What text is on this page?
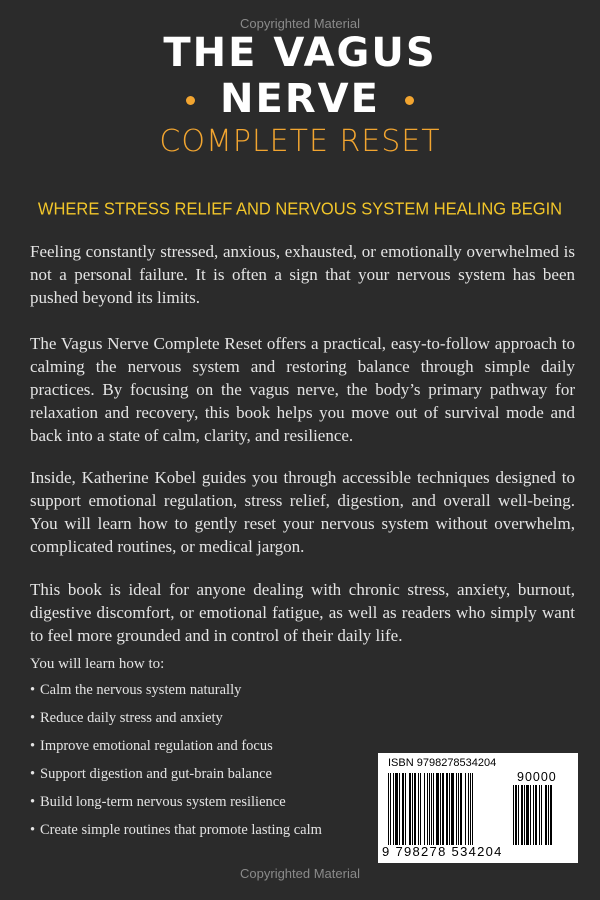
Copyrighted Material
THE VAGUS
NERVE
COMPLETE RESET
WHERE STRESS RELIEF AND NERVOUS SYSTEM HEALING BEGIN

Feeling constantly stressed, anxious, exhausted, or emotionally overwhelmed is not a personal failure. It is often a sign that your nervous system has been pushed beyond its limits.

The Vagus Nerve Complete Reset offers a practical, easy-to-follow approach to calming the nervous system and restoring balance through simple daily practices. By focusing on the vagus nerve, the body’s primary pathway for relaxation and recovery, this book helps you move out of survival mode and back into a state of calm, clarity, and resilience.

Inside, Katherine Kobel guides you through accessible techniques designed to support emotional regulation, stress relief, digestion, and overall well-being. You will learn how to gently reset your nervous system without overwhelm, complicated routines, or medical jargon.

This book is ideal for anyone dealing with chronic stress, anxiety, burnout, digestive discomfort, or emotional fatigue, as well as readers who simply want to feel more grounded and in control of their daily life.

You will learn how to:
• Calm the nervous system naturally
• Reduce daily stress and anxiety
• Improve emotional regulation and focus
• Support digestion and gut-brain balance
• Build long-term nervous system resilience
• Create simple routines that promote lasting calm
ISBN 9798278534204
90000
9 798278 534204
Copyrighted Material
